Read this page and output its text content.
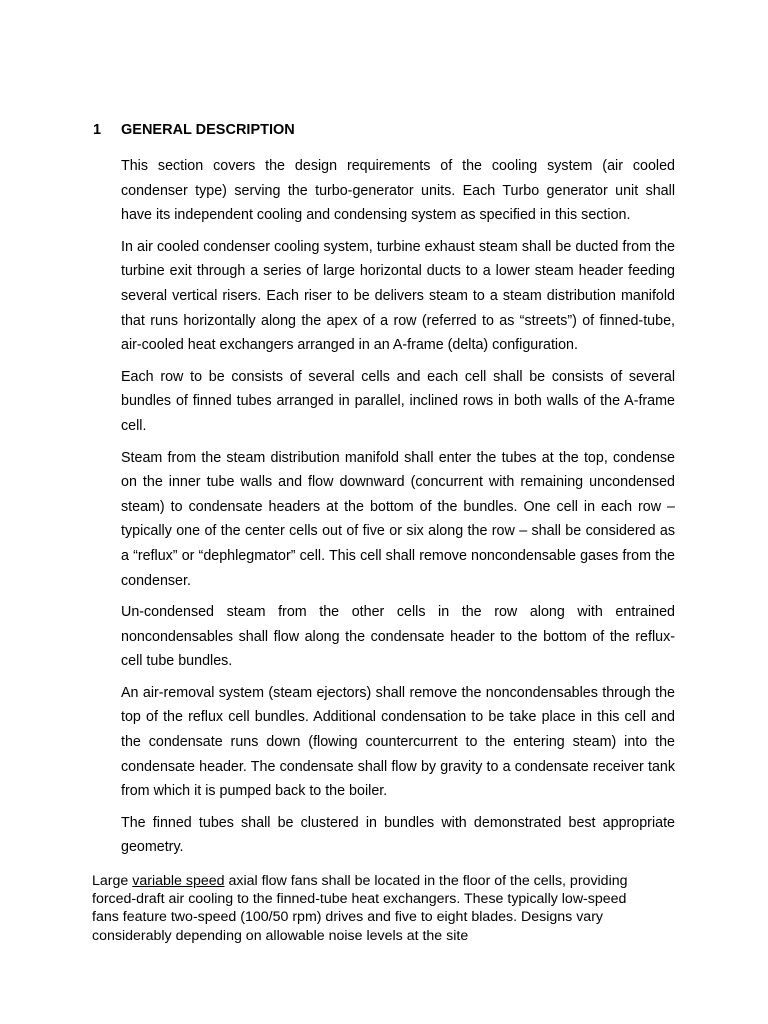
1 GENERAL DESCRIPTION

This section covers the design requirements of the cooling system (air cooled condenser type) serving the turbo-generator units. Each Turbo generator unit shall have its independent cooling and condensing system as specified in this section.

In air cooled condenser cooling system, turbine exhaust steam shall be ducted from the turbine exit through a series of large horizontal ducts to a lower steam header feeding several vertical risers. Each riser to be delivers steam to a steam distribution manifold that runs horizontally along the apex of a row (referred to as “streets”) of finned-tube, air-cooled heat exchangers arranged in an A-frame (delta) configuration.

Each row to be consists of several cells and each cell shall be consists of several bundles of finned tubes arranged in parallel, inclined rows in both walls of the A-frame cell.

Steam from the steam distribution manifold shall enter the tubes at the top, condense on the inner tube walls and flow downward (concurrent with remaining uncondensed steam) to condensate headers at the bottom of the bundles. One cell in each row – typically one of the center cells out of five or six along the row – shall be considered as a “reflux” or “dephlegmator” cell. This cell shall remove noncondensable gases from the condenser.

Un-condensed steam from the other cells in the row along with entrained noncondensables shall flow along the condensate header to the bottom of the reflux-cell tube bundles.

An air-removal system (steam ejectors) shall remove the noncondensables through the top of the reflux cell bundles. Additional condensation to be take place in this cell and the condensate runs down (flowing countercurrent to the entering steam) into the condensate header. The condensate shall flow by gravity to a condensate receiver tank from which it is pumped back to the boiler.

The finned tubes shall be clustered in bundles with demonstrated best appropriate geometry.

Large variable speed axial flow fans shall be located in the floor of the cells, providing forced-draft air cooling to the finned-tube heat exchangers. These typically low-speed fans feature two-speed (100/50 rpm) drives and five to eight blades. Designs vary considerably depending on allowable noise levels at the site
